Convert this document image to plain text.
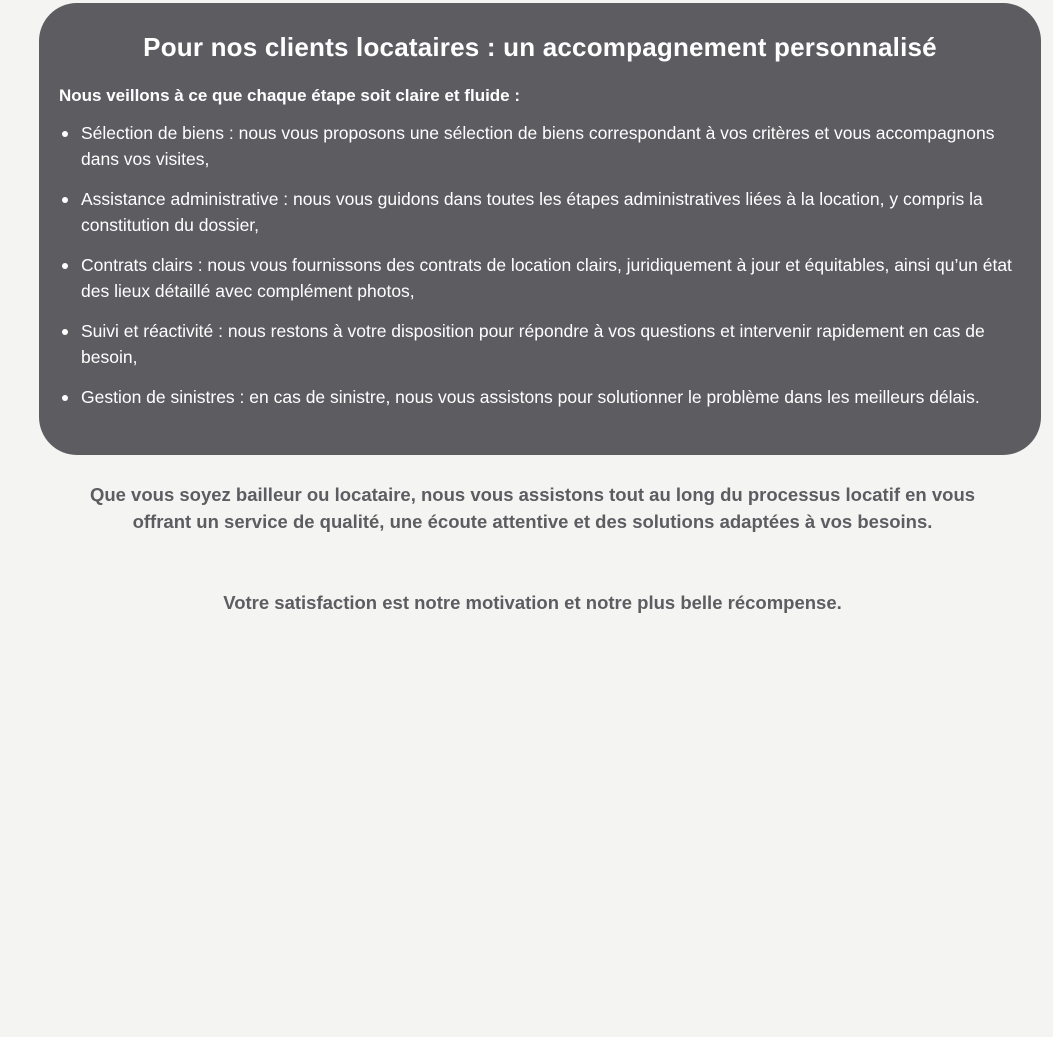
Pour nos clients locataires : un accompagnement personnalisé

Nous veillons à ce que chaque étape soit claire et fluide :

Sélection de biens : nous vous proposons une sélection de biens correspondant à vos critères et vous accompagnons dans vos visites,
Assistance administrative : nous vous guidons dans toutes les étapes administratives liées à la location, y compris la constitution du dossier,
Contrats clairs : nous vous fournissons des contrats de location clairs, juridiquement à jour et équitables, ainsi qu’un état des lieux détaillé avec complément photos,
Suivi et réactivité : nous restons à votre disposition pour répondre à vos questions et intervenir rapidement en cas de besoin,
Gestion de sinistres : en cas de sinistre, nous vous assistons pour solutionner le problème dans les meilleurs délais.

Que vous soyez bailleur ou locataire, nous vous assistons tout au long du processus locatif en vous offrant un service de qualité, une écoute attentive et des solutions adaptées à vos besoins.

Votre satisfaction est notre motivation et notre plus belle récompense.
